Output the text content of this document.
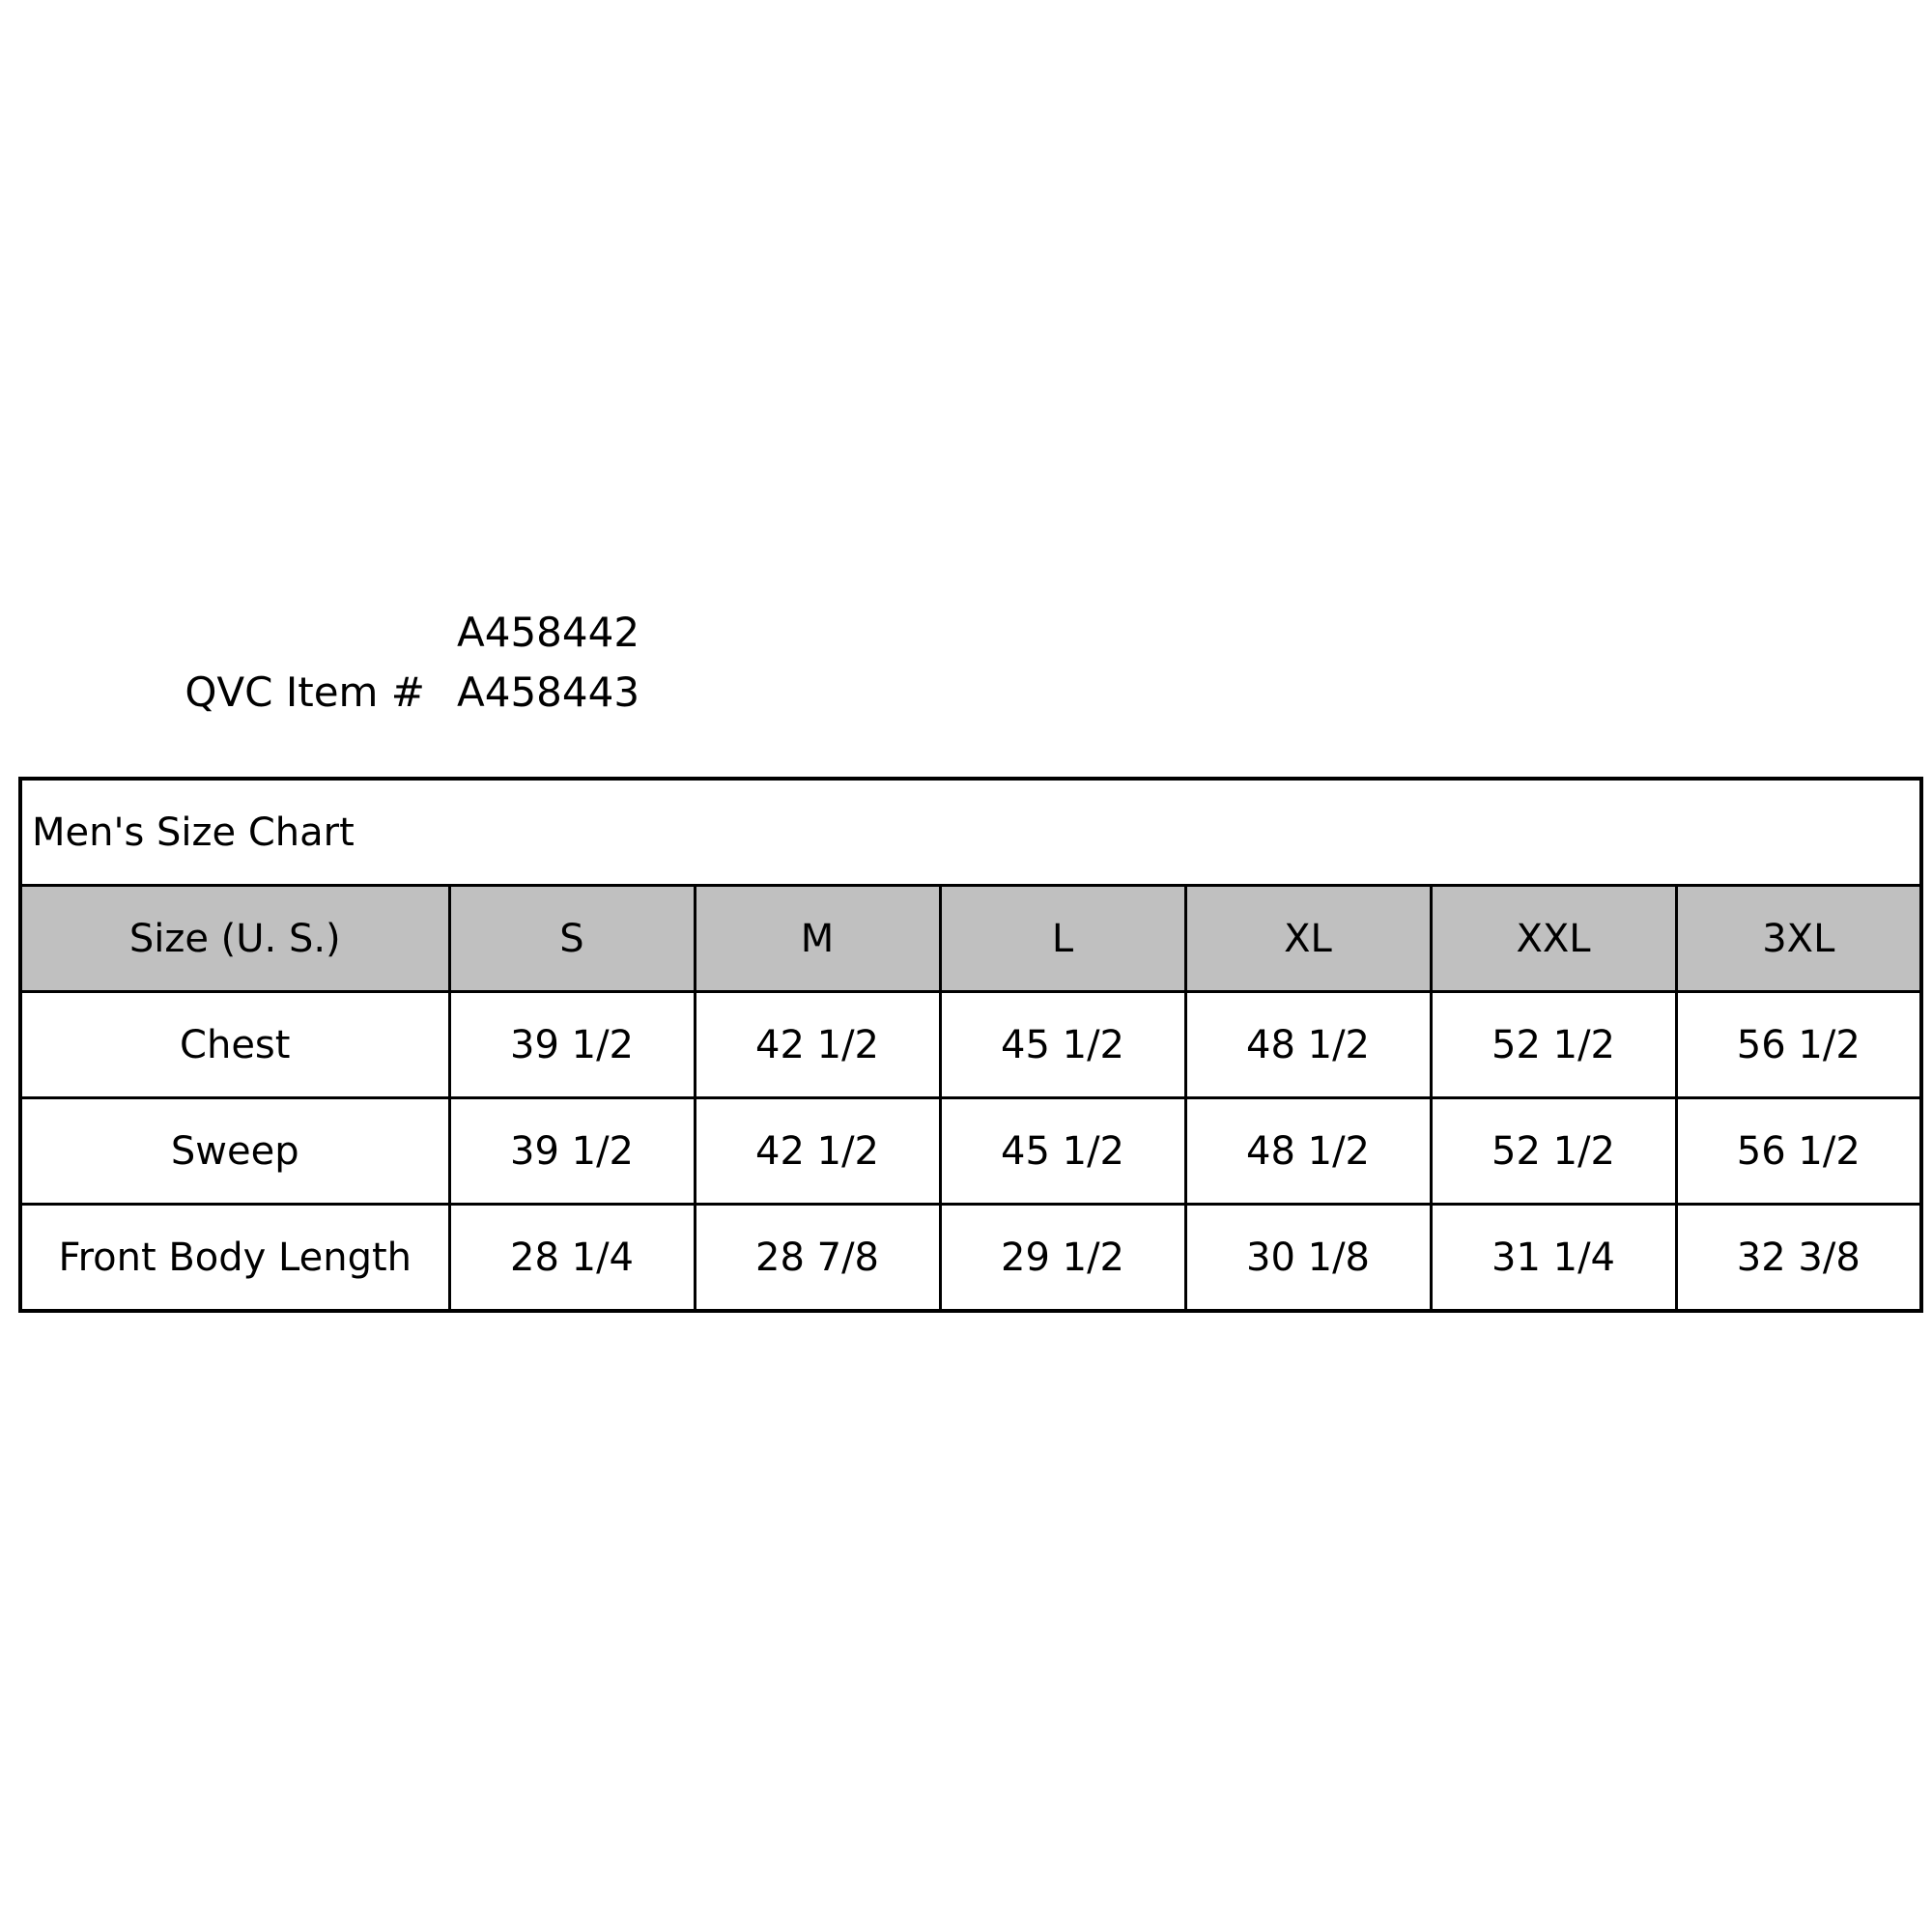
A458442
QVC Item # A458443
Men's Size Chart						
Size (U. S.)	S	M	L	XL	XXL	3XL
Chest	39 1/2	42 1/2	45 1/2	48 1/2	52 1/2	56 1/2
Sweep	39 1/2	42 1/2	45 1/2	48 1/2	52 1/2	56 1/2
Front Body Length	28 1/4	28 7/8	29 1/2	30 1/8	31 1/4	32 3/8
